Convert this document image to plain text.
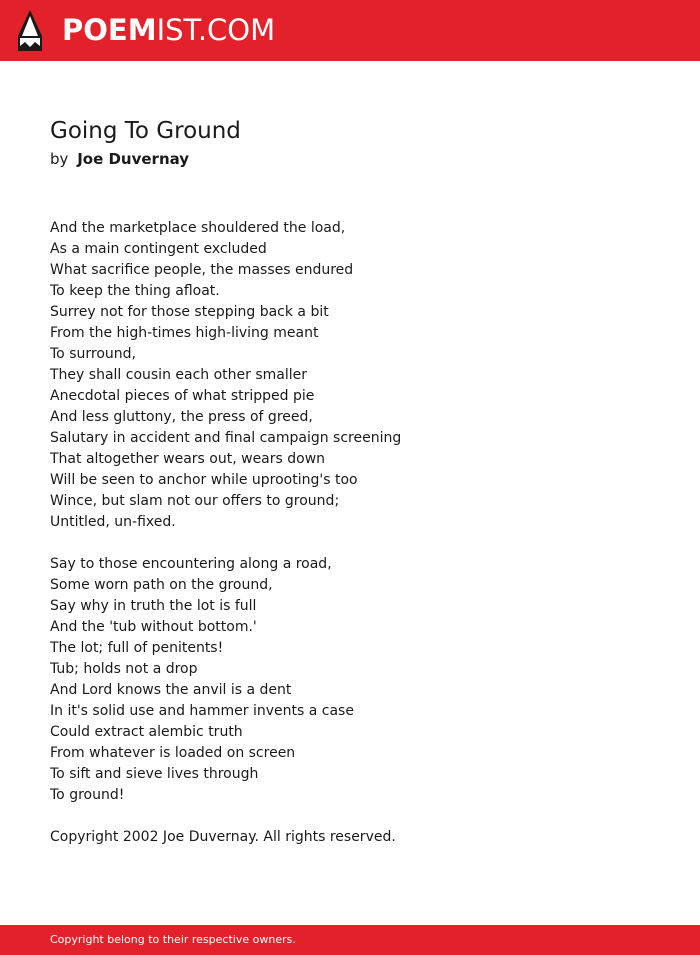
POEMIST.COM
Going To Ground
by Joe Duvernay
And the marketplace shouldered the load,
As a main contingent excluded
What sacrifice people, the masses endured
To keep the thing afloat.
Surrey not for those stepping back a bit
From the high-times high-living meant
To surround,
They shall cousin each other smaller
Anecdotal pieces of what stripped pie
And less gluttony, the press of greed,
Salutary in accident and final campaign screening
That altogether wears out, wears down
Will be seen to anchor while uprooting's too
Wince, but slam not our offers to ground;
Untitled, un-fixed.
Say to those encountering along a road,
Some worn path on the ground,
Say why in truth the lot is full
And the 'tub without bottom.'
The lot; full of penitents!
Tub; holds not a drop
And Lord knows the anvil is a dent
In it's solid use and hammer invents a case
Could extract alembic truth
From whatever is loaded on screen
To sift and sieve lives through
To ground!
Copyright 2002 Joe Duvernay. All rights reserved.
Copyright belong to their respective owners.
